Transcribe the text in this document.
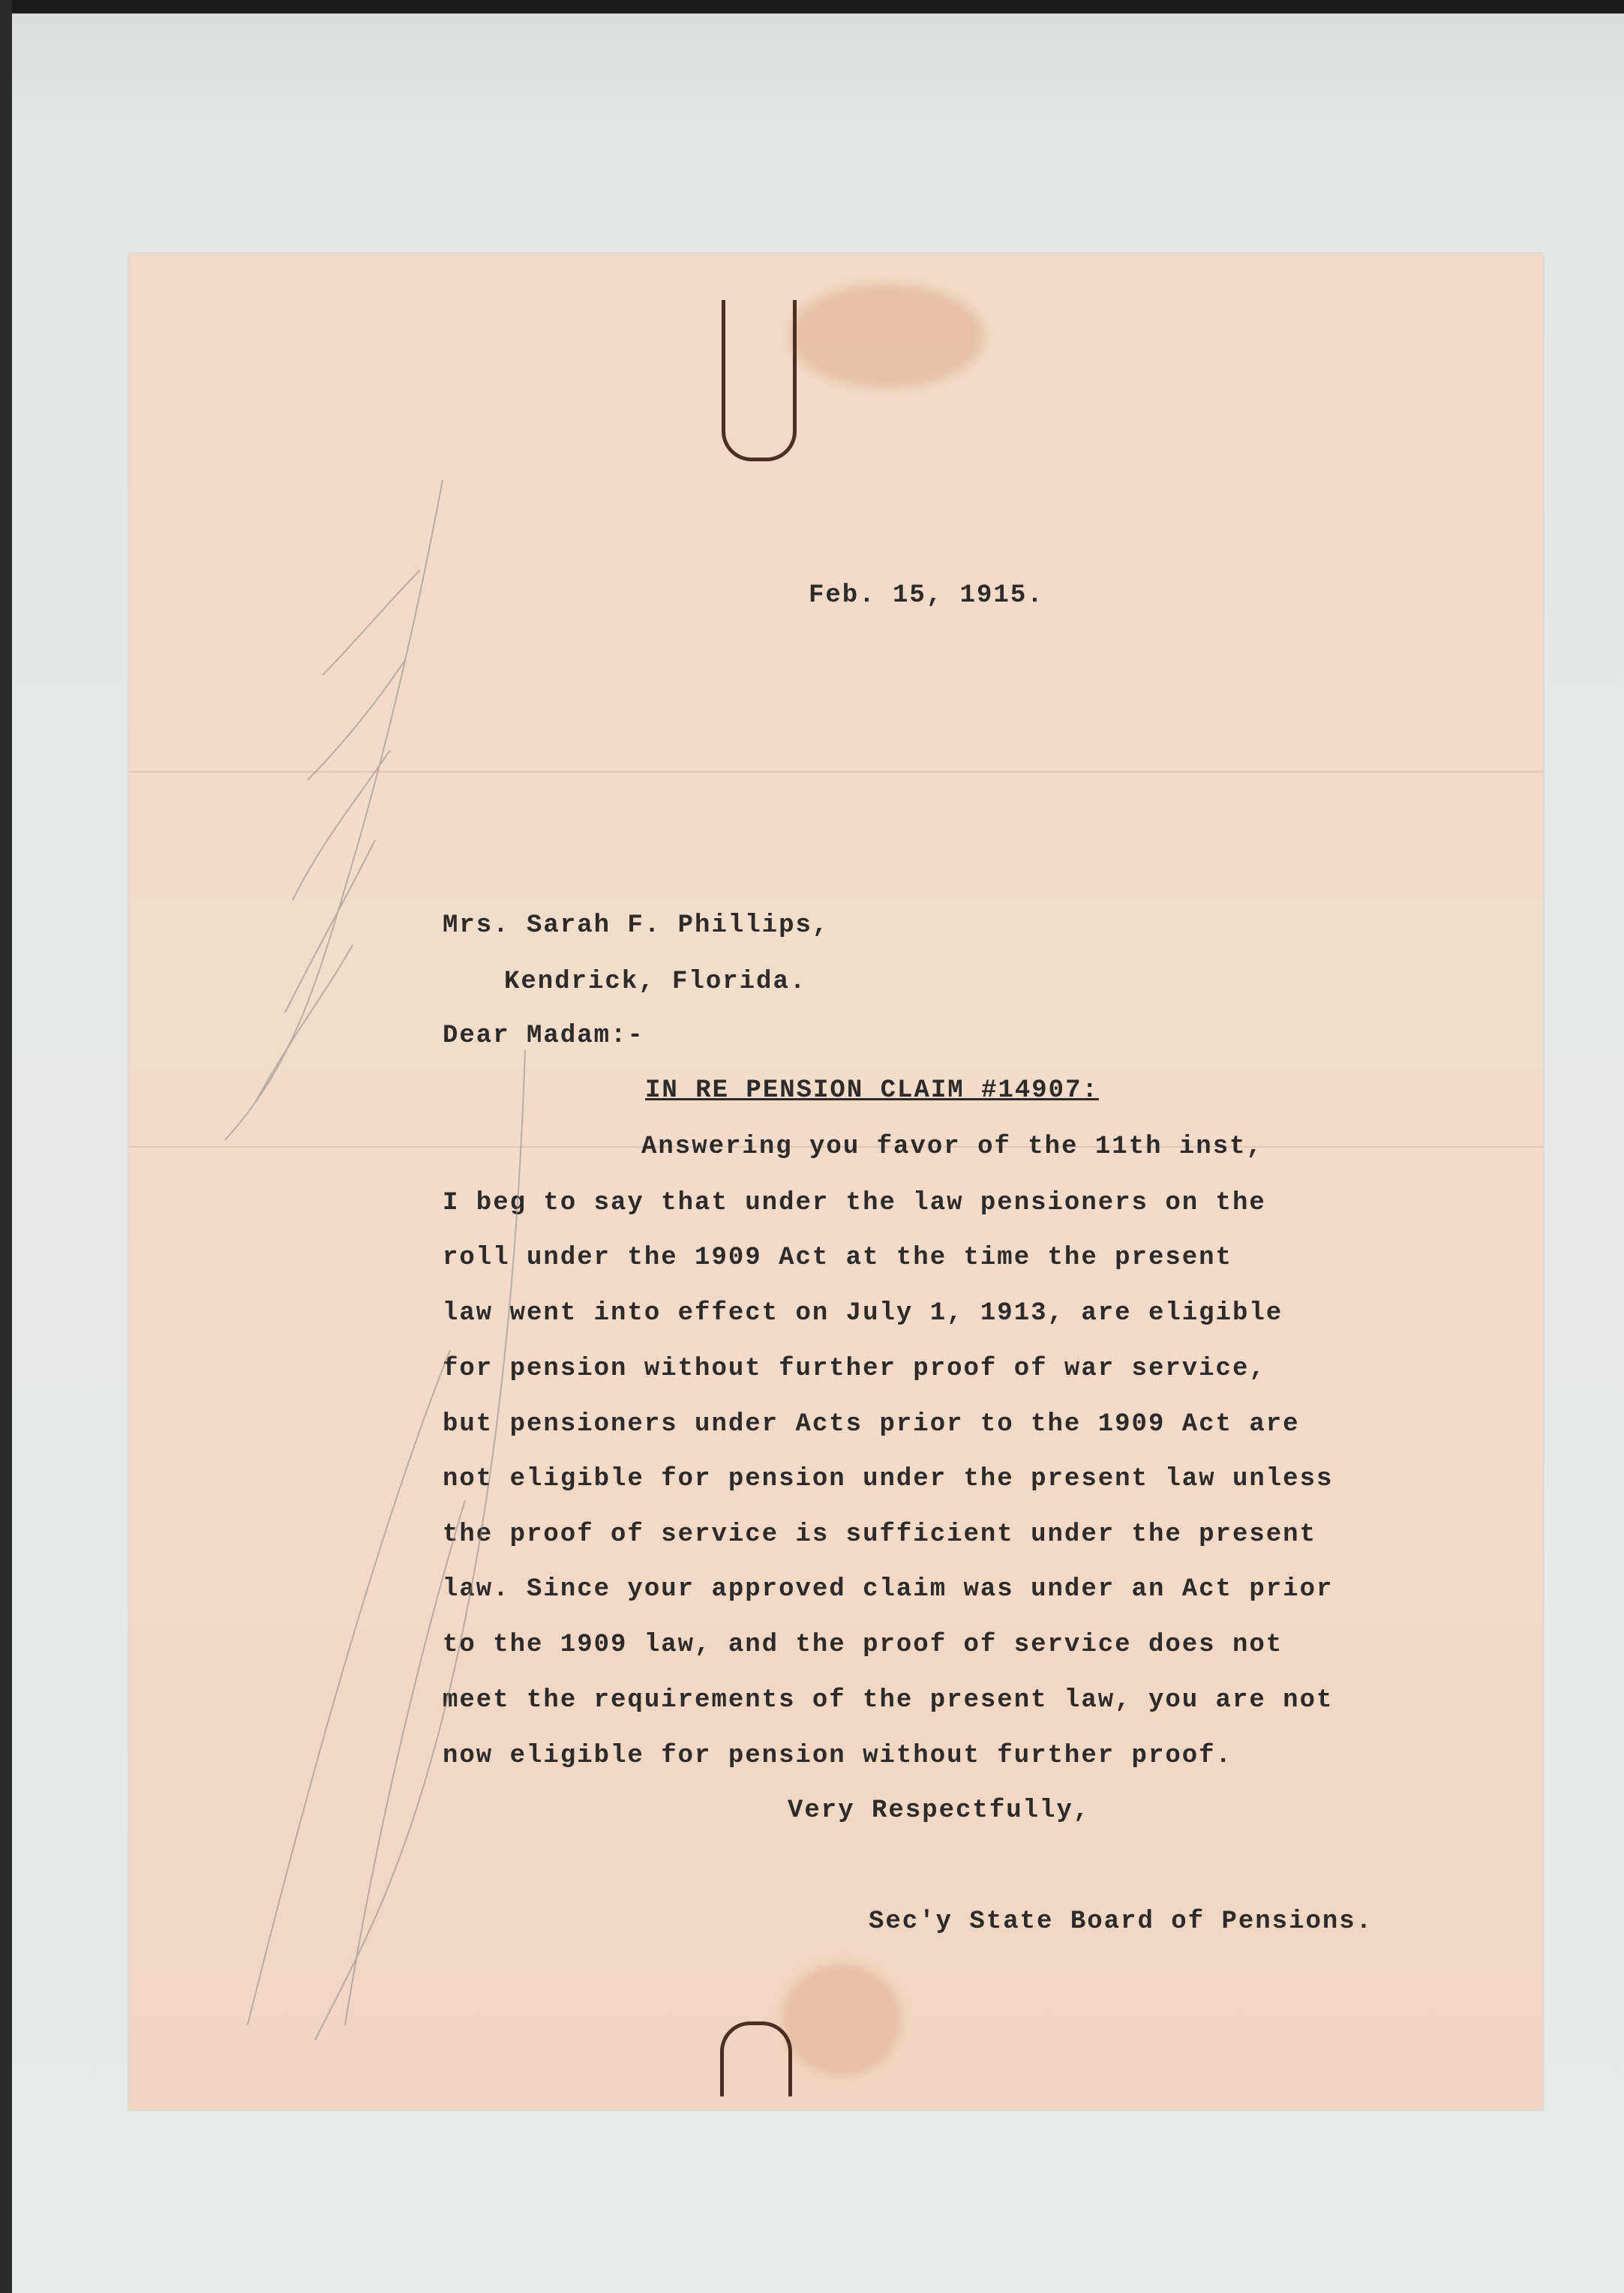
Feb. 15, 1915.
Mrs. Sarah F. Phillips,
Kendrick, Florida.
Dear Madam:-
IN RE PENSION CLAIM #14907:
Answering you favor of the 11th inst,
I beg to say that under the law pensioners on the
roll under the 1909 Act at the time the present
law went into effect on July 1, 1913, are eligible
for pension without further proof of war service,
but pensioners under Acts prior to the 1909 Act are
not eligible for pension under the present law unless
the proof of service is sufficient under the present
law. Since your approved claim was under an Act prior
to the 1909 law, and the proof of service does not
meet the requirements of the present law, you are not
now eligible for pension without further proof.
Very Respectfully,
Sec'y State Board of Pensions.
